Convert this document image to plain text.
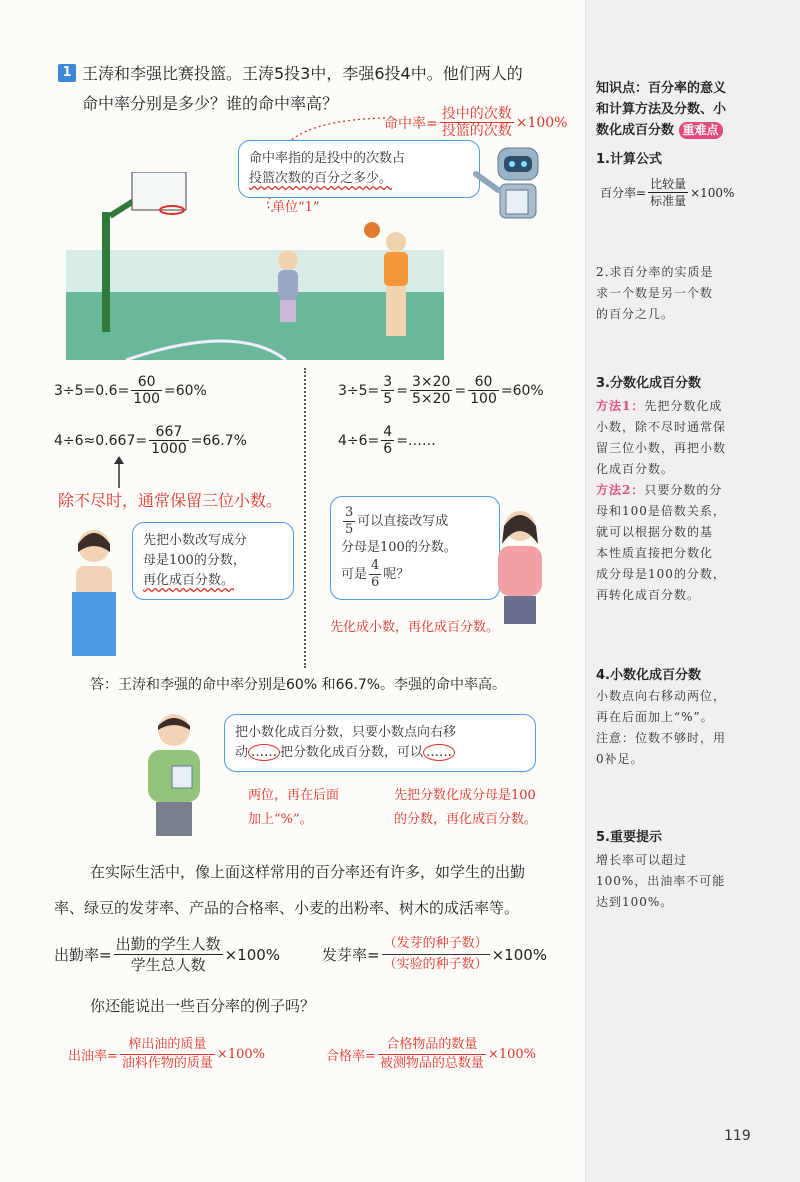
1 王涛和李强比赛投篮。王涛5投3中，李强6投4中。他们两人的
命中率分别是多少？谁的命中率高？
命中率= $\frac{\text{投中的次数}}{\text{投篮的次数}} \times 100\%$
命中率指的是投中的次数占
投篮次数的百分之多少。
单位“1”
$3\div 5=0.6= \frac{60}{100} =60\%$
$4\div 6\approx 0.667= \frac{667}{1000} =66.7\%$
除不尽时，通常保留三位小数。
$3\div 5= \frac{3}{5} = \frac{3\times 20}{5\times 20} = \frac{60}{100} =60\%$
$4\div 6= \frac{4}{6}$ =……
先把小数改写成分
母是100的分数，
再化成百分数。
$\frac{3}{5}$ 可以直接改写成
分母是100的分数。
可是 $\frac{4}{6}$ 呢？
先化成小数，再化成百分数。
答：王涛和李强的命中率分别是60% 和66.7%。李强的命中率高。
把小数化成百分数，只要小数点向右移
动 …… 把分数化成百分数，可以 ……
两位，再在后面
加上“%”。
先把分数化成分母是100
的分数，再化成百分数。
在实际生活中，像上面这样常用的百分率还有许多，如学生的出勤
率、绿豆的发芽率、产品的合格率、小麦的出粉率、树木的成活率等。
出勤率= $\frac{\text{出勤的学生人数}}{\text{学生总人数}} \times 100\%$	发芽率= $\frac{\text{（发芽的种子数）}}{\text{（实验的种子数）}} \times 100\%$
你还能说出一些百分率的例子吗？
出油率= $\frac{\text{榨出油的质量}}{\text{油料作物的质量}} \times 100\%$	合格率= $\frac{\text{合格物品的数量}}{\text{被测物品的总数量}} \times 100\%$
知识点：百分率的意义
和计算方法及分数、小
数化成百分数 重难点
1.计算公式
百分率= $\frac{\text{比较量}}{\text{标准量}} \times 100\%$
2.求百分率的实质是
求一个数是另一个数
的百分之几。
3.分数化成百分数
方法1：先把分数化成
小数，除不尽时通常保
留三位小数，再把小数
化成百分数。
方法2：只要分数的分
母和100是倍数关系，
就可以根据分数的基
本性质直接把分数化
成分母是100的分数，
再转化成百分数。
4.小数化成百分数
小数点向右移动两位，
再在后面加上“%”。
注意：位数不够时，用
0补足。
5.重要提示
增长率可以超过
100%，出油率不可能
达到100%。
119
